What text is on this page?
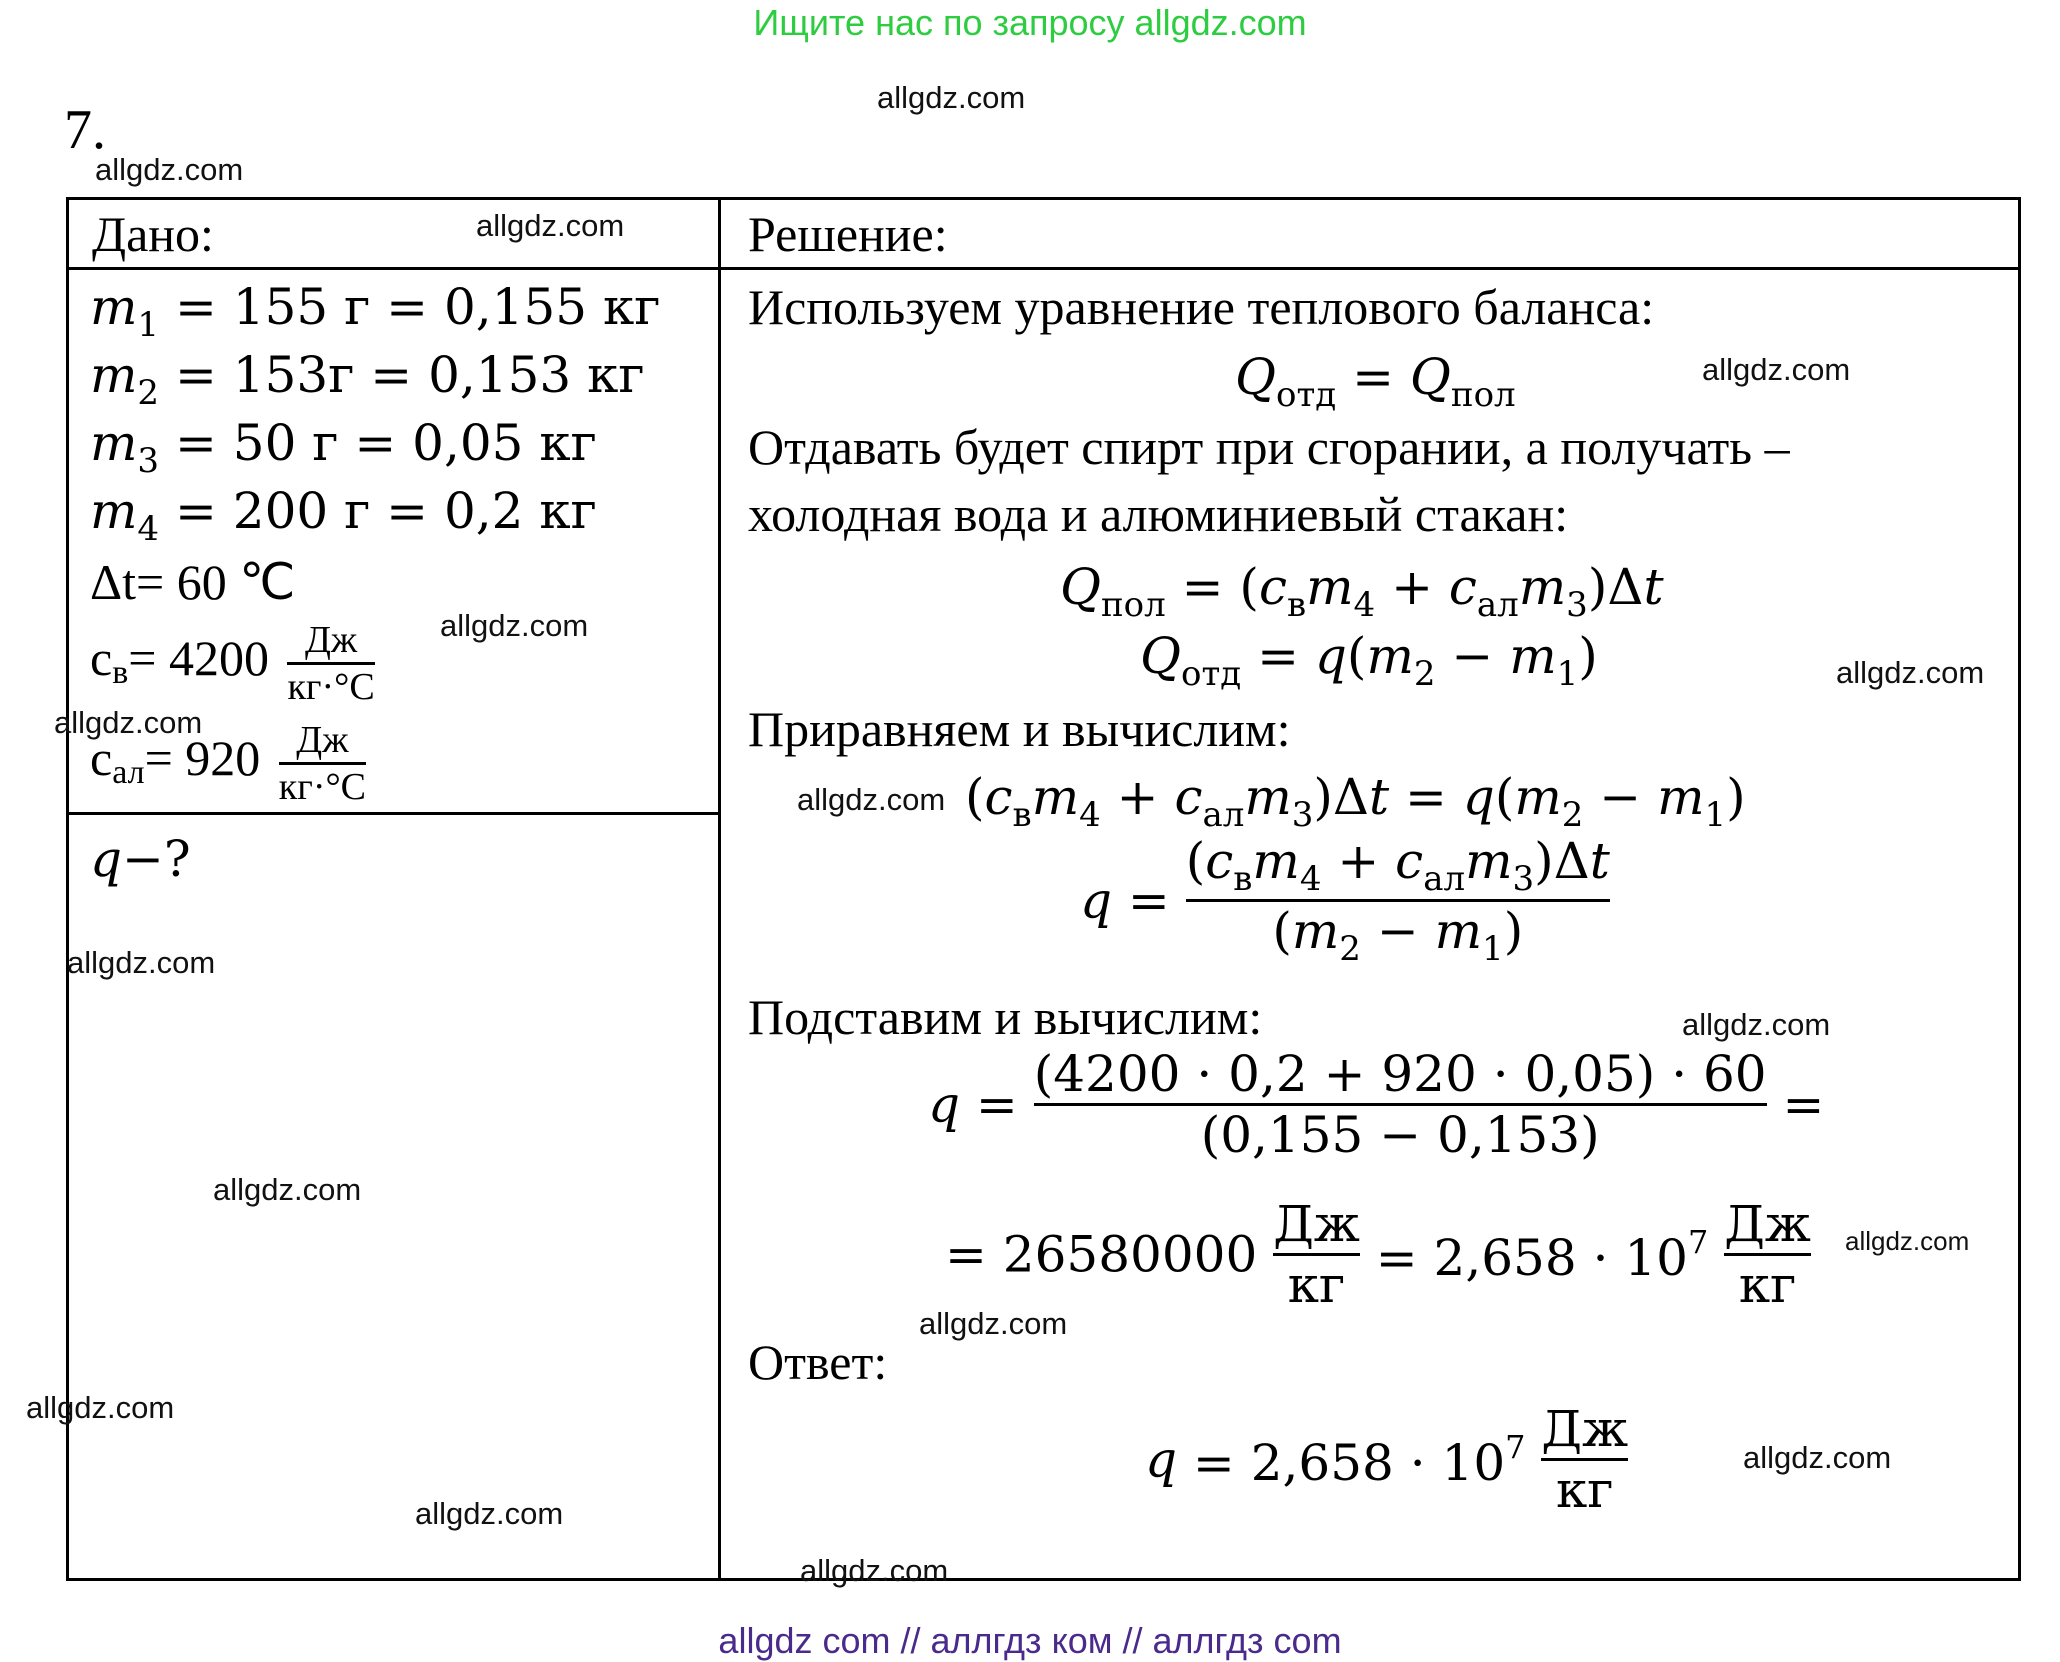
Ищите нас по запросу allgdz.com
7.
Дано:
$m_1 = 155$ г = 0,155 кг
$m_2 = 153г = 0,153$ кг
$m_3 = 50$ г = 0,05 кг
$m_4 = 200$ г = 0,2 кг
Δt= 60 ℃
$св= 4200 \frac{Дж}{кг\cdot^\circ С}$
$сал= 920 \frac{Дж}{кг\cdot^\circ С}$
q−?
Решение:
Используем уравнение теплового баланса:
$Q_{отд} = Q_{пол}$
Отдавать будет спирт при сгорании, а получать –
холодная вода и алюминиевый стакан:
$Q_{пол} = (c_вm_4 + c_{ал}m_3)\Delta t$
$Q_{отд} = q(m_2 - m_1)$
Приравняем и вычислим:
$(c_вm_4 + c_{ал}m_3)\Delta t = q(m_2 - m_1)$
$q = \frac{(c_вm_4 + c_{ал}m_3)\Delta t}{(m_2 - m_1)}$
Подставим и вычислим:
$q = \frac{(4200 \cdot 0,2 + 920 \cdot 0,05) \cdot 60}{(0,155 - 0,153)}$ =
= $26580000 \frac{Дж}{кг} = 2,658 \cdot 10^7 \frac{Дж}{кг}$
Ответ:
$q = 2,658 \cdot 10^7 \frac{Дж}{кг}$
allgdz.com
allgdz.com
allgdz.com
allgdz.com
allgdz.com
allgdz.com
allgdz.com
allgdz.com
allgdz.com
allgdz.com
allgdz.com
allgdz.com
allgdz.com
allgdz.com
allgdz.com
allgdz.com
allgdz.com
allgdz com // аллгдз ком // аллгдз com
